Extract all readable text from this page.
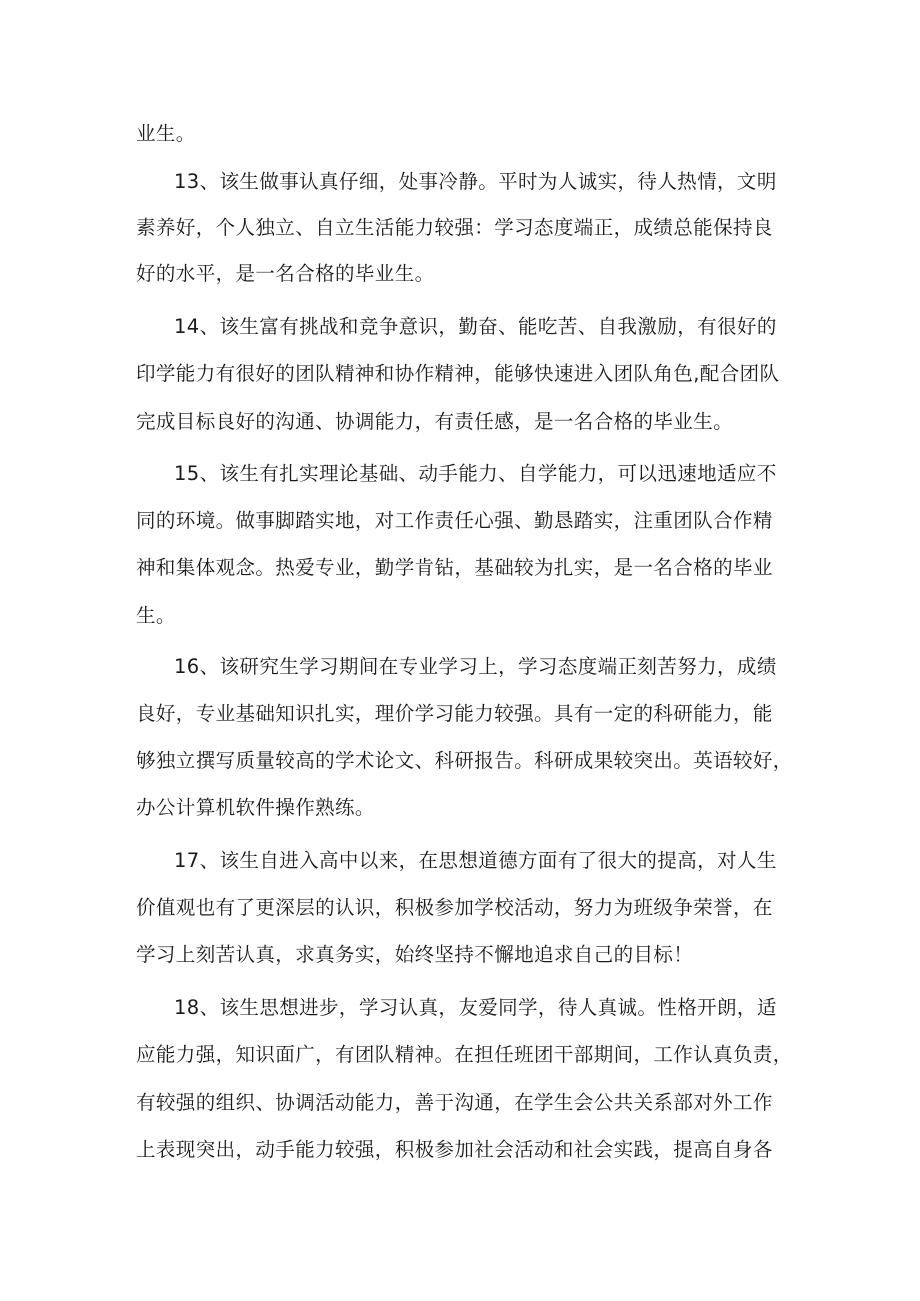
业生。
13、该生做事认真仔细，处事冷静。平时为人诚实，待人热情，文明
素养好，个人独立、自立生活能力较强：学习态度端正，成绩总能保持良
好的水平，是一名合格的毕业生。
14、该生富有挑战和竞争意识，勤奋、能吃苦、自我激励，有很好的
印学能力有很好的团队精神和协作精神，能够快速进入团队角色,配合团队
完成目标良好的沟通、协调能力，有责任感，是一名合格的毕业生。
15、该生有扎实理论基础、动手能力、自学能力，可以迅速地适应不
同的环境。做事脚踏实地，对工作责任心强、勤恳踏实，注重团队合作精
神和集体观念。热爱专业，勤学肯钻，基础较为扎实，是一名合格的毕业
生。
16、该研究生学习期间在专业学习上，学习态度端正刻苦努力，成绩
良好，专业基础知识扎实，理价学习能力较强。具有一定的科研能力，能
够独立撰写质量较高的学术论文、科研报告。科研成果较突出。英语较好，
办公计算机软件操作熟练。
17、该生自进入高中以来，在思想道德方面有了很大的提高，对人生
价值观也有了更深层的认识，积极参加学校活动，努力为班级争荣誉，在
学习上刻苦认真，求真务实，始终坚持不懈地追求自己的目标！
18、该生思想进步，学习认真，友爱同学，待人真诚。性格开朗，适
应能力强，知识面广，有团队精神。在担任班团干部期间，工作认真负责，
有较强的组织、协调活动能力，善于沟通，在学生会公共关系部对外工作
上表现突出，动手能力较强，积极参加社会活动和社会实践，提高自身各
